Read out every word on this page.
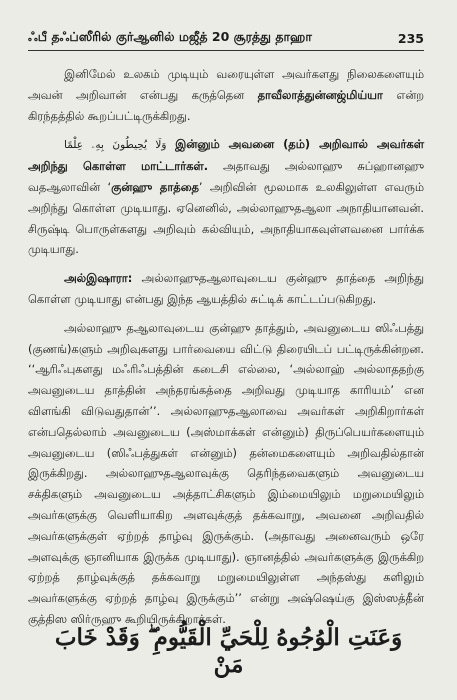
ஃபீ தஃப்ஸீரில் குர்ஆனில் மஜீத் 20 சூரத்து தாஹா	235

இனிமேல் உலகம் முடியும் வரையுள்ள அவர்களது நிலைகளையும் அவன் அறிவான் என்பது கருத்தென தாவீலாத்துன்னஜ்மிய்யா என்ற கிரந்தத்தில் கூறப்பட்டிருக்கிறது.

وَلَا يُحِيطُونَ بِهِۦ عِلْمًا இன்னும் அவனை (தம்) அறிவால் அவர்கள் அறிந்து கொள்ள மாட்டார்கள். அதாவது அல்லாஹு சுப்ஹானஹு வதஆலாவின் ‘குன்ஹு தாத்தை’ அறிவின் மூலமாக உலகிலுள்ள எவரும் அறிந்து கொள்ள முடியாது. ஏனெனில், அல்லாஹுதஆலா அநாதியானவன். சிருஷ்டி பொருள்களது அறிவும் கல்வியும், அநாதியாகவுள்ளவனை பார்க்க முடியாது.

அல்இஷாரா: அல்லாஹுதஆலாவுடைய குன்ஹு தாத்தை அறிந்து கொள்ள முடியாது என்பது இந்த ஆயத்தில் சுட்டிக் காட்டப்படுகிறது.

அல்லாஹு தஆலாவுடைய குன்ஹு தாத்தும், அவனுடைய ஸிஃபத்து (குணங்)களும் அறிவுகளது பார்வையை விட்டு திரையிடப் பட்டிருக்கின்றன. ‘‘ஆரிஃபுகளது மஃரிஃபத்தின் கடைசி எல்லை, ‘அல்லாஹ் அல்லாததற்கு அவனுடைய தாத்தின் அந்தரங்கத்தை அறிவது முடியாத காரியம்’ என விளங்கி விடுவதுதான்’’. அல்லாஹுதஆலாவை அவர்கள் அறிகிறார்கள் என்பதெல்லாம் அவனுடைய (அஸ்மாக்கள் என்னும்) திருப்பெயர்களையும் அவனுடைய (ஸிஃபத்துகள் என்னும்) தன்மைகளையும் அறிவதில்தான் இருக்கிறது. அல்லாஹுதஆலாவுக்கு தெரிந்தவைகளும் அவனுடைய சக்திகளும் அவனுடைய அத்தாட்சிகளும் இம்மையிலும் மறுமையிலும் அவர்களுக்கு வெளியாகிற அளவுக்குத் தக்கவாறு, அவனை அறிவதில் அவர்களுக்குள் ஏற்றத் தாழ்வு இருக்கும். (அதாவது அனைவரும் ஒரே அளவுக்கு ஞானியாக இருக்க முடியாது). ஞானத்தில் அவர்களுக்கு இருக்கிற ஏற்றத் தாழ்வுக்குத் தக்கவாறு மறுமையிலுள்ள அந்தஸ்து களிலும் அவர்களுக்கு ஏற்றத் தாழ்வு இருக்கும்’’ என்று அஷ்ஷெய்கு இஸ்ஸத்தீன் குத்திஸ ஸிர்ருஹு கூறியிருக்கிறார்கள்.

وَعَنَتِ الْوُجُوهُ لِلْحَيِّ الْقَيُّومِ ۖ وَقَدْ خَابَ مَنْ
